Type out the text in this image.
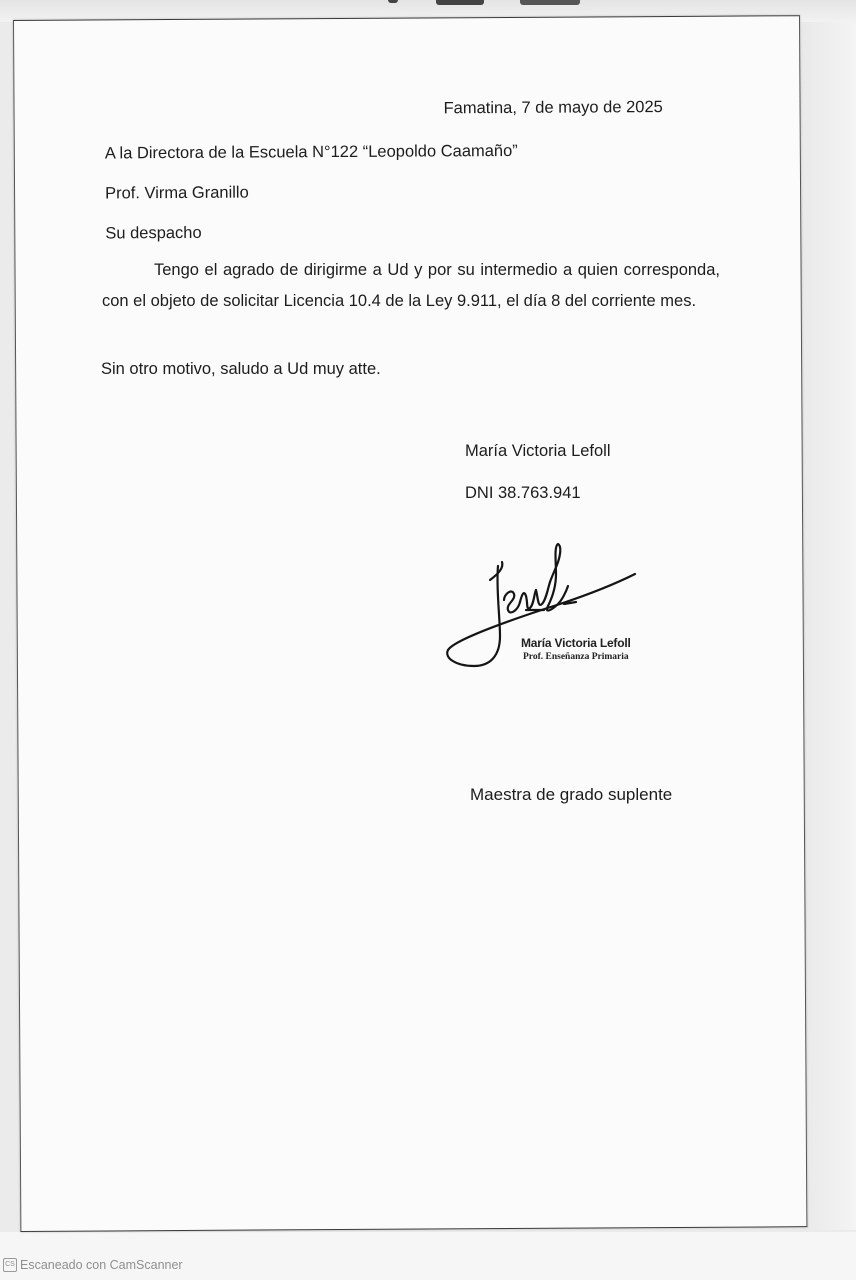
Famatina, 7 de mayo de 2025
A la Directora de la Escuela N°122 “Leopoldo Caamaño”
Prof. Virma Granillo
Su despacho
Tengo el agrado de dirigirme a Ud y por su intermedio a quien corresponda, con el objeto de solicitar Licencia 10.4 de la Ley 9.911, el día 8 del corriente mes.
Sin otro motivo, saludo a Ud muy atte.
María Victoria Lefoll
DNI 38.763.941
María Victoria Lefoll
Prof. Enseñanza Primaria
Maestra de grado suplente
CS Escaneado con CamScanner
